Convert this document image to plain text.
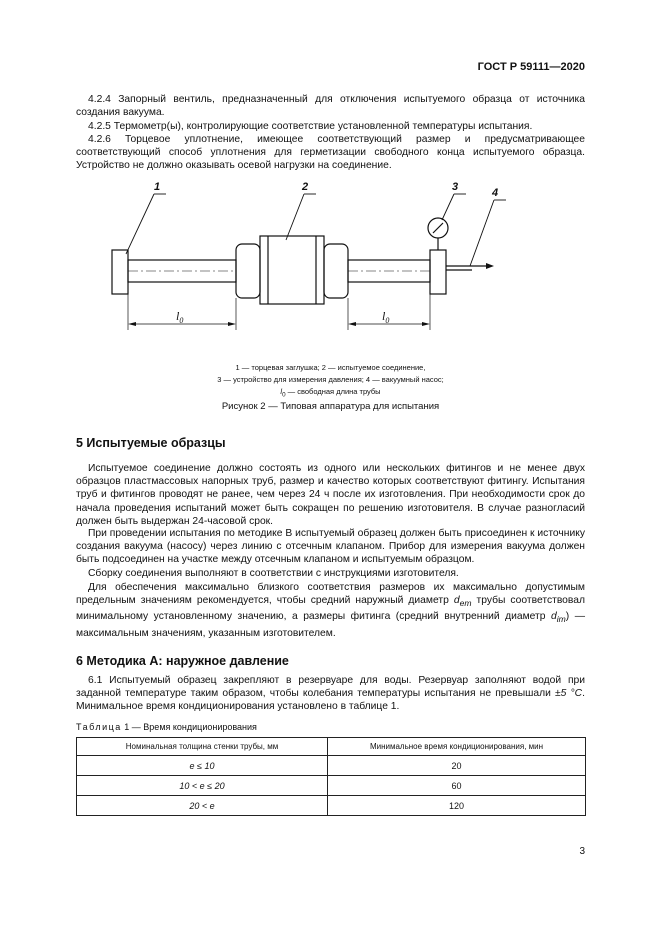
ГОСТ Р 59111—2020

4.2.4 Запорный вентиль, предназначенный для отключения испытуемого образца от источника создания вакуума.

4.2.5 Термометр(ы), контролирующие соответствие установленной температуры испытания.

4.2.6 Торцевое уплотнение, имеющее соответствующий размер и предусматривающее соответствующий способ уплотнения для герметизации свободного конца испытуемого образца. Устройство не должно оказывать осевой нагрузки на соединение.

1	2	3	4
$l_0$	$l_0$
1 — торцевая заглушка; 2 — испытуемое соединение,
3 — устройство для измерения давления; 4 — вакуумный насос;
$l_0$ — свободная длина трубы
Рисунок 2 — Типовая аппаратура для испытания
5 Испытуемые образцы

Испытуемое соединение должно состоять из одного или нескольких фитингов и не менее двух образцов пластмассовых напорных труб, размер и качество которых соответствуют фитингу. Испытания труб и фитингов проводят не ранее, чем через 24 ч после их изготовления. При необходимости срок до начала проведения испытаний может быть сокращен по решению изготовителя. В случае разногласий должен быть выдержан 24-часовой срок.

При проведении испытания по методике В испытуемый образец должен быть присоединен к источнику создания вакуума (насосу) через линию с отсечным клапаном. Прибор для измерения вакуума должен быть подсоединен на участке между отсечным клапаном и испытуемым образцом.

Сборку соединения выполняют в соответствии с инструкциями изготовителя.

Для обеспечения максимально близкого соответствия размеров их максимально допустимым предельным значениям рекомендуется, чтобы средний наружный диаметр $d_{em}$ трубы соответствовал минимальному установленному значению, а размеры фитинга (средний внутренний диаметр $d_{im}$) — максимальным значениям, указанным изготовителем.

6 Методика А: наружное давление

6.1 Испытуемый образец закрепляют в резервуаре для воды. Резервуар заполняют водой при заданной температуре таким образом, чтобы колебания температуры испытания не превышали ±5 °C. Минимальное время кондиционирования установлено в таблице 1.

Таблица 1 — Время кондиционирования
Номинальная толщина стенки трубы, мм	Минимальное время кондиционирования, мин
e ≤ 10	20
10 < e ≤ 20	60
20 < e	120
3
